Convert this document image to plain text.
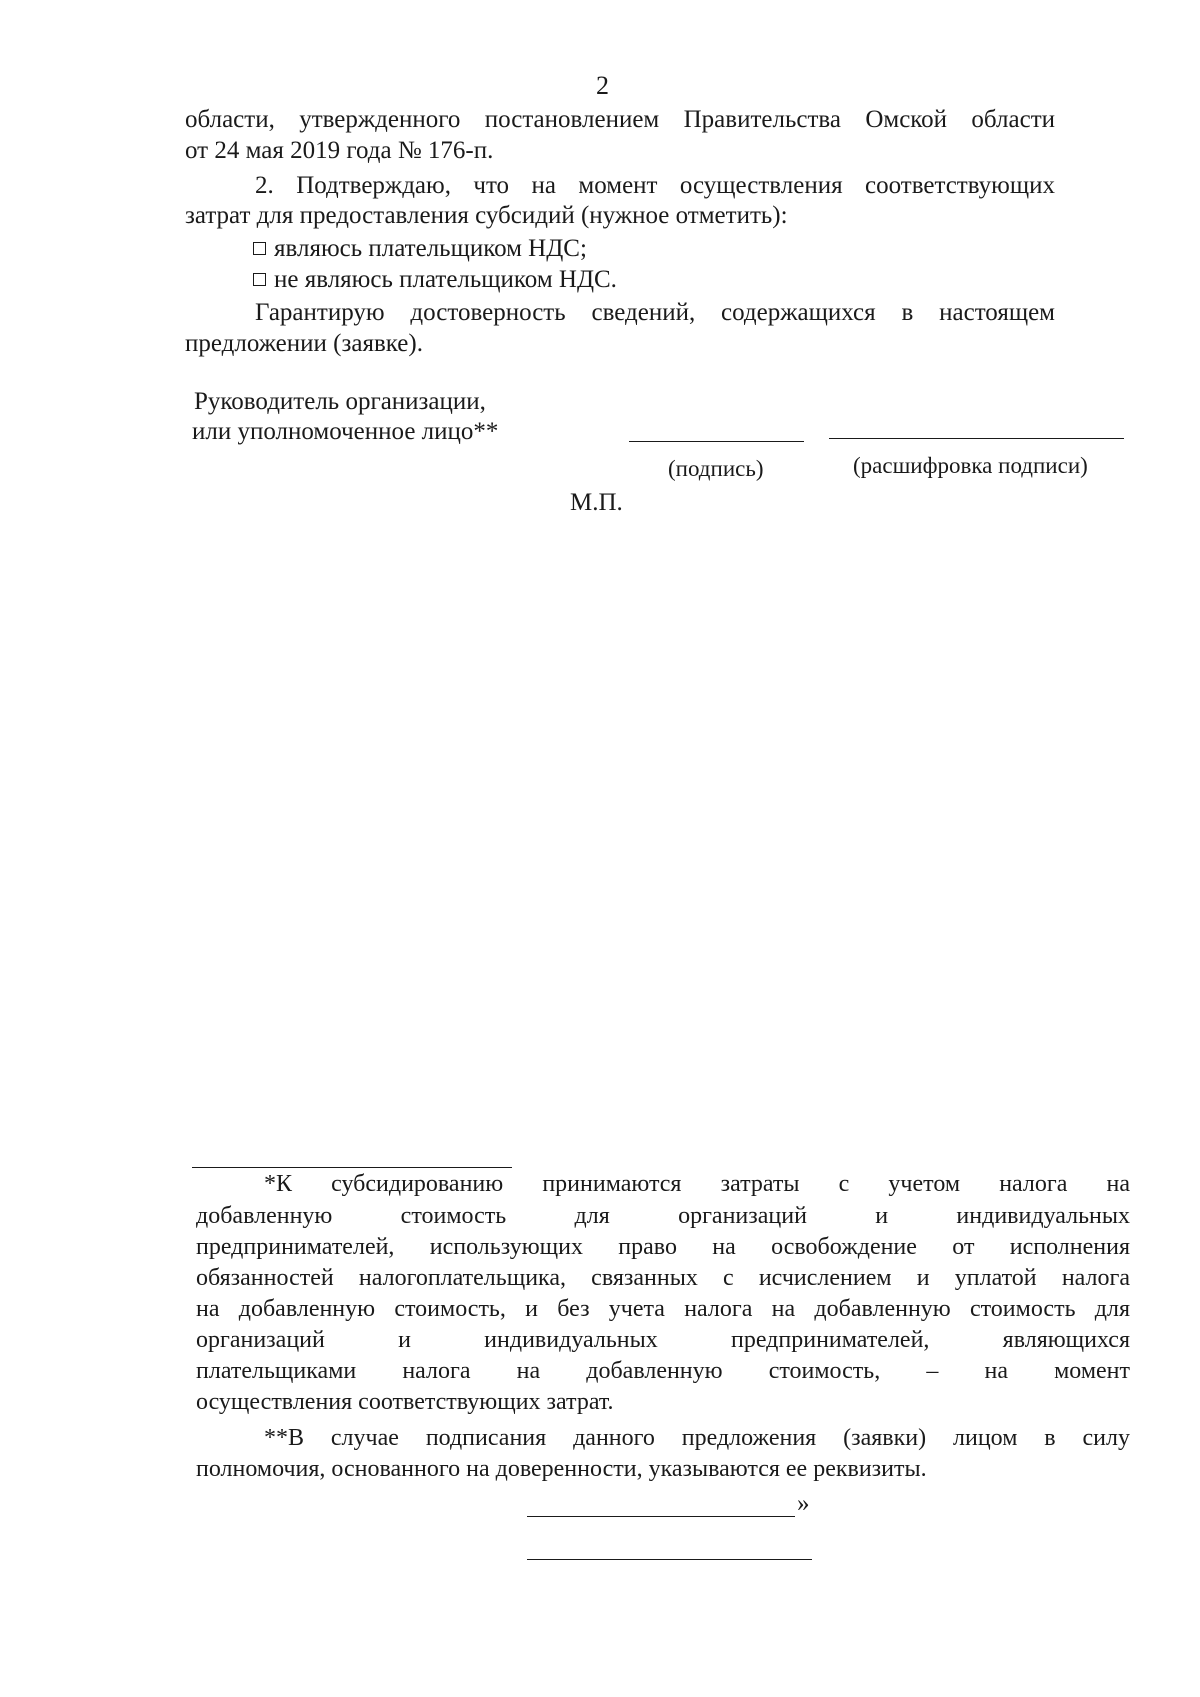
2
области, утвержденного постановлением Правительства Омской области
от 24 мая 2019 года № 176-п.
2. Подтверждаю, что на момент осуществления соответствующих
затрат для предоставления субсидий (нужное отметить):
являюсь плательщиком НДС;
не являюсь плательщиком НДС.
Гарантирую достоверность сведений, содержащихся в настоящем
предложении (заявке).
Руководитель организации,
или уполномоченное лицо**
(подпись)	(расшифровка подписи)
М.П.
*К субсидированию принимаются затраты с учетом налога на
добавленную стоимость для организаций и индивидуальных
предпринимателей, использующих право на освобождение от исполнения
обязанностей налогоплательщика, связанных с исчислением и уплатой налога
на добавленную стоимость, и без учета налога на добавленную стоимость для
организаций и индивидуальных предпринимателей, являющихся
плательщиками налога на добавленную стоимость, – на момент
осуществления соответствующих затрат.
**В случае подписания данного предложения (заявки) лицом в силу
полномочия, основанного на доверенности, указываются ее реквизиты.
»
